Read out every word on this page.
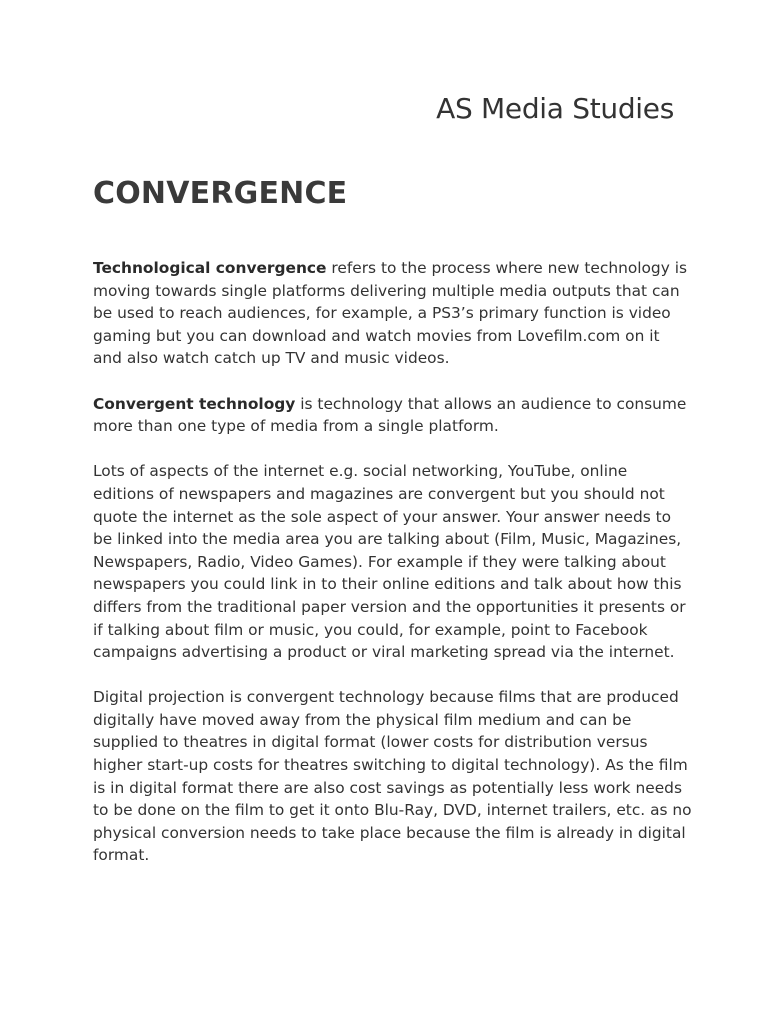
AS Media Studies
CONVERGENCE

Technological convergence refers to the process where new technology is moving towards single platforms delivering multiple media outputs that can be used to reach audiences, for example, a PS3’s primary function is video gaming but you can download and watch movies from Lovefilm.com on it and also watch catch up TV and music videos.

Convergent technology is technology that allows an audience to consume more than one type of media from a single platform.

Lots of aspects of the internet e.g. social networking, YouTube, online editions of newspapers and magazines are convergent but you should not quote the internet as the sole aspect of your answer. Your answer needs to be linked into the media area you are talking about (Film, Music, Magazines, Newspapers, Radio, Video Games). For example if they were talking about newspapers you could link in to their online editions and talk about how this differs from the traditional paper version and the opportunities it presents or if talking about film or music, you could, for example, point to Facebook campaigns advertising a product or viral marketing spread via the internet.

Digital projection is convergent technology because films that are produced digitally have moved away from the physical film medium and can be supplied to theatres in digital format (lower costs for distribution versus higher start-up costs for theatres switching to digital technology). As the film is in digital format there are also cost savings as potentially less work needs to be done on the film to get it onto Blu-Ray, DVD, internet trailers, etc. as no physical conversion needs to take place because the film is already in digital format.
